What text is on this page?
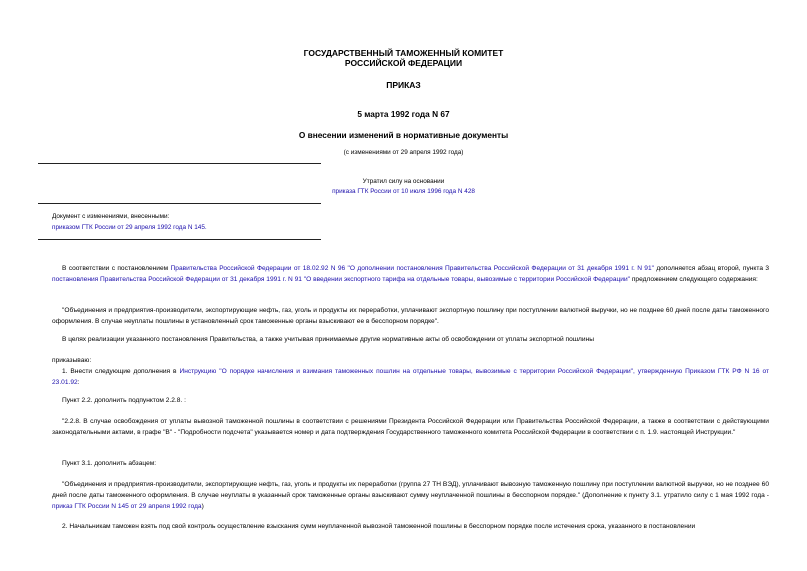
ГОСУДАРСТВЕННЫЙ ТАМОЖЕННЫЙ КОМИТЕТ
РОССИЙСКОЙ ФЕДЕРАЦИИ
ПРИКАЗ
5 марта 1992 года N 67
О внесении изменений в нормативные документы
(с изменениями от 29 апреля 1992 года)
Утратил силу на основании
приказа ГТК России от 10 июля 1996 года N 428
Документ с изменениями, внесенными:
приказом ГТК России от 29 апреля 1992 года N 145.
В соответствии с постановлением Правительства Российской Федерации от 18.02.92 N 96 "О дополнении постановления Правительства Российской Федерации от 31 декабря 1991 г. N 91" дополняется абзац второй, пункта 3 постановления Правительства Российской Федерации от 31 декабря 1991 г. N 91 "О введении экспортного тарифа на отдельные товары, вывозимые с территории Российской Федерации" предложением следующего содержания:
"Объединения и предприятия-производители, экспортирующие нефть, газ, уголь и продукты их переработки, уплачивают экспортную пошлину при поступлении валютной выручки, но не позднее 60 дней после даты таможенного оформления. В случае неуплаты пошлины в установленный срок таможенные органы взыскивают ее в бесспорном порядке".
В целях реализации указанного постановления Правительства, а также учитывая принимаемые другие нормативные акты об освобождении от уплаты экспортной пошлины
приказываю:
1. Внести следующие дополнения в Инструкцию "О порядке начисления и взимания таможенных пошлин на отдельные товары, вывозимые с территории Российской Федерации", утвержденную Приказом ГТК РФ N 16 от 23.01.92:
Пункт 2.2. дополнить подпунктом 2.2.8. :
"2.2.8. В случае освобождения от уплаты вывозной таможенной пошлины в соответствии с решениями Президента Российской Федерации или Правительства Российской Федерации, а также в соответствии с действующими законодательными актами, в графе "В" - "Подробности подсчета" указывается номер и дата подтверждения Государственного таможенного комитета Российской Федерации в соответствии с п. 1.9. настоящей Инструкции."
Пункт 3.1. дополнить абзацем:
"Объединения и предприятия-производители, экспортирующие нефть, газ, уголь и продукты их переработки (группа 27 ТН ВЭД), уплачивают вывозную таможенную пошлину при поступлении валютной выручки, но не позднее 60 дней после даты таможенного оформления. В случае неуплаты в указанный срок таможенные органы взыскивают сумму неуплаченной пошлины в бесспорном порядке." (Дополнение к пункту 3.1. утратило силу с 1 мая 1992 года - приказ ГТК России N 145 от 29 апреля 1992 года)
2. Начальникам таможен взять под свой контроль осуществление взыскания сумм неуплаченной вывозной таможенной пошлины в бесспорном порядке после истечения срока, указанного в постановлении
